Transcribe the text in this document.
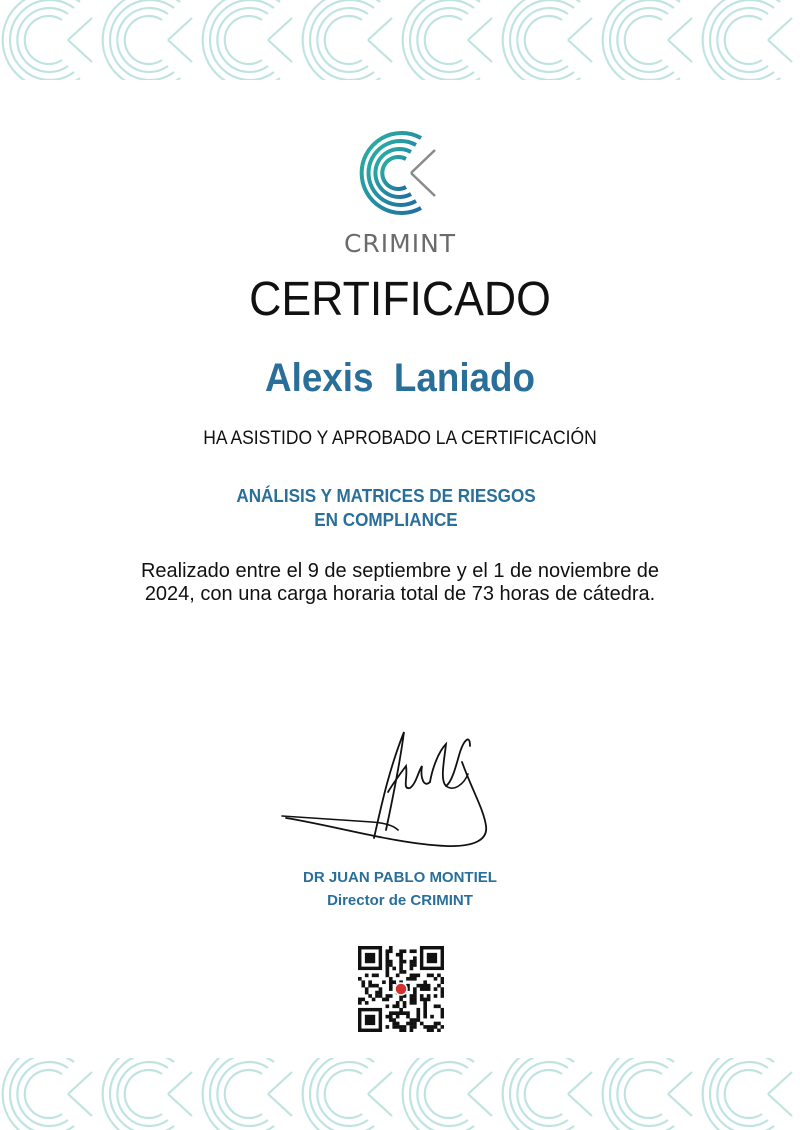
CRIMINT
CERTIFICADO
Alexis  Laniado
HA ASISTIDO Y APROBADO LA CERTIFICACIÓN
ANÁLISIS Y MATRICES DE RIESGOS
EN COMPLIANCE
Realizado entre el 9 de septiembre y el 1 de noviembre de 2024, con una carga horaria total de 73 horas de cátedra.
DR JUAN PABLO MONTIEL
Director de CRIMINT
